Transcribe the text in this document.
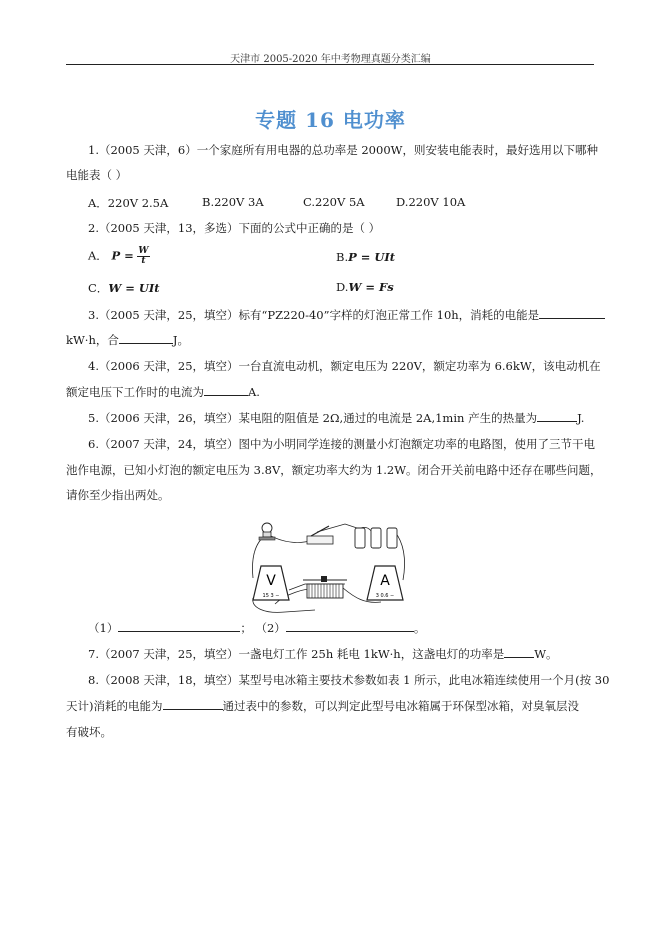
天津市 2005-2020 年中考物理真题分类汇编
专题 16 电功率
1.（2005 天津，6）一个家庭所有用电器的总功率是 2000W，则安装电能表时，最好选用以下哪种
电能表（ ）
A．220V 2.5A	B.220V 3A	C.220V 5A	D.220V 10A
2.（2005 天津，13，多选）下面的公式中正确的是（ ）
A． $P = \frac{W}{t}$	B.P = UIt
C．W = UIt	D.W = Fs
3.（2005 天津，25，填空）标有“PZ220-40”字样的灯泡正常工作 10h，消耗的电能是
kW·h，合	J。
4.（2006 天津，25，填空）一台直流电动机，额定电压为 220V，额定功率为 6.6kW，该电动机在
额定电压下工作时的电流为	A.
5.（2006 天津，26，填空）某电阻的阻值是 2Ω,通过的电流是 2A,1min 产生的热量为	J.
6.（2007 天津，24，填空）图中为小明同学连接的测量小灯泡额定功率的电路图，使用了三节干电
池作电源，已知小灯泡的额定电压为 3.8V，额定功率大约为 1.2W。闭合开关前电路中还存在哪些问题，
请你至少指出两处。
V
15 3 −
A
3 0.6 −
（1）	； （2）	。
7.（2007 天津，25，填空）一盏电灯工作 25h 耗电 1kW·h，这盏电灯的功率是	W。
8.（2008 天津，18，填空）某型号电冰箱主要技术参数如表 1 所示，此电冰箱连续使用一个月(按 30
天计)消耗的电能为	通过表中的参数，可以判定此型号电冰箱属于环保型冰箱，对臭氧层没
有破坏。
